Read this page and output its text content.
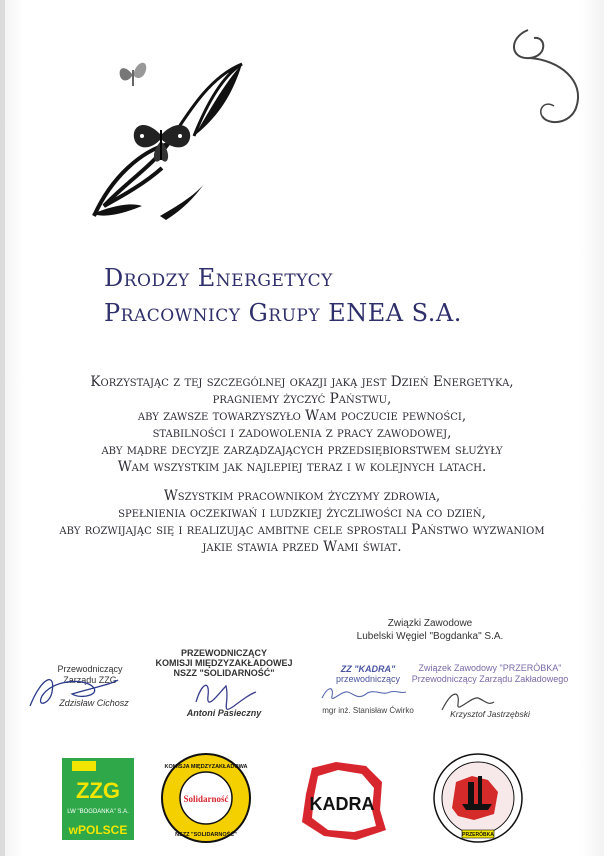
Drodzy Energetycy
Pracownicy Grupy ENEA S.A.
Korzystając z tej szczególnej okazji jaką jest Dzień Energetyka,
pragniemy życzyć Państwu,
aby zawsze towarzyszyło Wam poczucie pewności,
stabilności i zadowolenia z pracy zawodowej,
aby mądre decyzje zarządzających przedsiębiorstwem służyły
Wam wszystkim jak najlepiej teraz i w kolejnych latach.
Wszystkim pracownikom życzymy zdrowia,
spełnienia oczekiwań i ludzkiej życzliwości na co dzień,
aby rozwijając się i realizując ambitne cele sprostali Państwo wyzwaniom
jakie stawia przed Wami świat.
Związki Zawodowe
Lubelski Węgiel "Bogdanka" S.A.
Przewodniczący
Zarządu ZZG
Zdzisław Cichosz
PRZEWODNICZĄCY
KOMISJI MIĘDZYZAKŁADOWEJ
NSZZ "SOLIDARNOŚĆ"
Antoni Pasieczny
ZZ "KADRA"
przewodniczący
mgr inż. Stanisław Ćwirko
Związek Zawodowy "PRZERÓBKA"
Przewodniczący Zarządu Zakładowego
Krzysztof Jastrzębski
ZZG
LW "BOGDANKA" S.A.
wPOLSCE
KOMISJA MIĘDZYZAKŁADOWA
Solidarność
NSZZ "SOLIDARNOŚĆ"
KADRA
PRZERÓBKA
